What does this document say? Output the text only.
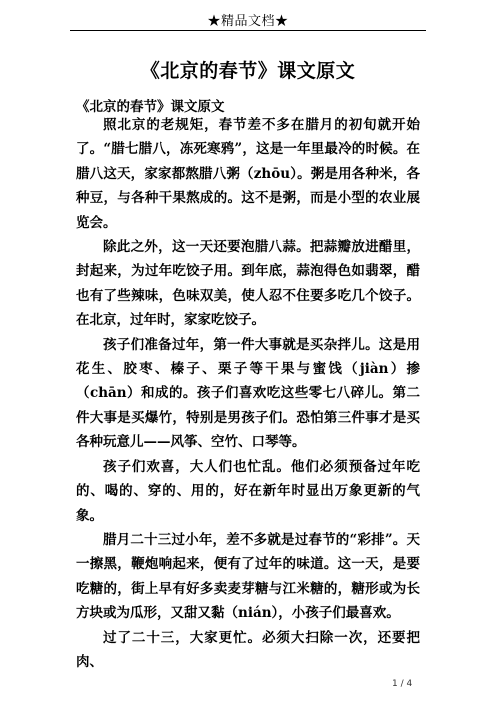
★精品文档★
《北京的春节》课文原文
《北京的春节》课文原文

照北京的老规矩，春节差不多在腊月的初旬就开始了。“腊七腊八，冻死寒鸦”，这是一年里最冷的时候。在腊八这天，家家都熬腊八粥（zhōu）。粥是用各种米，各种豆，与各种干果熬成的。这不是粥，而是小型的农业展览会。

除此之外，这一天还要泡腊八蒜。把蒜瓣放进醋里，封起来，为过年吃饺子用。到年底，蒜泡得色如翡翠，醋也有了些辣味，色味双美，使人忍不住要多吃几个饺子。在北京，过年时，家家吃饺子。

孩子们准备过年，第一件大事就是买杂拌儿。这是用花生、胶枣、榛子、栗子等干果与蜜饯（jiàn）掺（chān）和成的。孩子们喜欢吃这些零七八碎儿。第二件大事是买爆竹，特别是男孩子们。恐怕第三件事才是买各种玩意儿——风筝、空竹、口琴等。

孩子们欢喜，大人们也忙乱。他们必须预备过年吃的、喝的、穿的、用的，好在新年时显出万象更新的气象。

腊月二十三过小年，差不多就是过春节的“彩排”。天一擦黑，鞭炮响起来，便有了过年的味道。这一天，是要吃糖的，街上早有好多卖麦芽糖与江米糖的，糖形或为长方块或为瓜形，又甜又黏（nián），小孩子们最喜欢。

过了二十三，大家更忙。必须大扫除一次，还要把肉、

1 / 4
